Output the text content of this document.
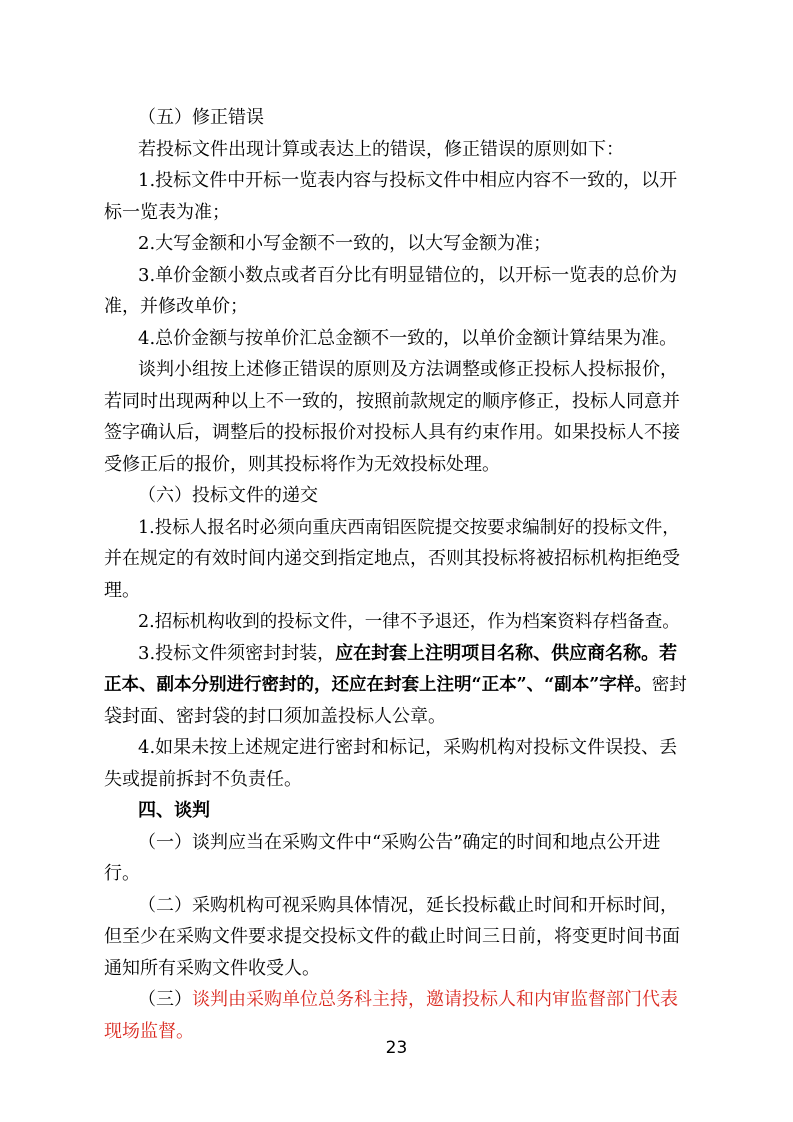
（五）修正错误

若投标文件出现计算或表达上的错误，修正错误的原则如下：

1.投标文件中开标一览表内容与投标文件中相应内容不一致的，以开

标一览表为准；

2.大写金额和小写金额不一致的，以大写金额为准；

3.单价金额小数点或者百分比有明显错位的，以开标一览表的总价为

准，并修改单价；

4.总价金额与按单价汇总金额不一致的，以单价金额计算结果为准。

谈判小组按上述修正错误的原则及方法调整或修正投标人投标报价，

若同时出现两种以上不一致的，按照前款规定的顺序修正，投标人同意并

签字确认后，调整后的投标报价对投标人具有约束作用。如果投标人不接

受修正后的报价，则其投标将作为无效投标处理。

（六）投标文件的递交

1.投标人报名时必须向重庆西南铝医院提交按要求编制好的投标文件，

并在规定的有效时间内递交到指定地点，否则其投标将被招标机构拒绝受

理。

2.招标机构收到的投标文件，一律不予退还，作为档案资料存档备查。

3.投标文件须密封封装，应在封套上注明项目名称、供应商名称。若

正本、副本分别进行密封的，还应在封套上注明“正本”、“副本”字样。密封

袋封面、密封袋的封口须加盖投标人公章。

4.如果未按上述规定进行密封和标记，采购机构对投标文件误投、丢

失或提前拆封不负责任。

四、谈判

（一）谈判应当在采购文件中“采购公告”确定的时间和地点公开进

行。

（二）采购机构可视采购具体情况，延长投标截止时间和开标时间，

但至少在采购文件要求提交投标文件的截止时间三日前，将变更时间书面

通知所有采购文件收受人。

（三）谈判由采购单位总务科主持，邀请投标人和内审监督部门代表

现场监督。

23
